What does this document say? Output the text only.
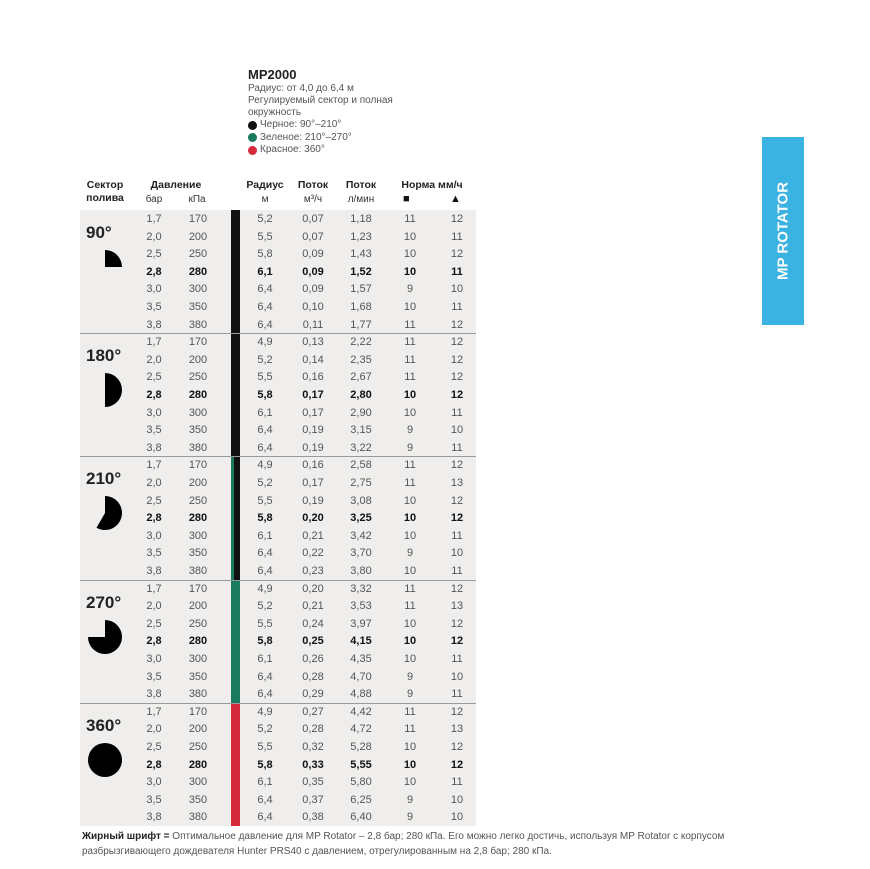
MP2000
Радиус: от 4,0 до 6,4 м
Регулируемый сектор и полная
окружность
Черное: 90°–210°
Зеленое: 210°–270°
Красное: 360°
Сектор
полива
Давление
бар	кПа
Радиус
м
Поток
м³/ч
Поток
л/мин
Норма мм/ч
■	▲
90°
1,7	170	5,2	0,07	1,18	11	12
2,0	200	5,5	0,07	1,23	10	11
2,5	250	5,8	0,09	1,43	10	12
2,8	280	6,1	0,09	1,52	10	11
3,0	300	6,4	0,09	1,57	9	10
3,5	350	6,4	0,10	1,68	10	11
3,8	380	6,4	0,11	1,77	11	12
180°
1,7	170	4,9	0,13	2,22	11	12
2,0	200	5,2	0,14	2,35	11	12
2,5	250	5,5	0,16	2,67	11	12
2,8	280	5,8	0,17	2,80	10	12
3,0	300	6,1	0,17	2,90	10	11
3,5	350	6,4	0,19	3,15	9	10
3,8	380	6,4	0,19	3,22	9	11
210°
1,7	170	4,9	0,16	2,58	11	12
2,0	200	5,2	0,17	2,75	11	13
2,5	250	5,5	0,19	3,08	10	12
2,8	280	5,8	0,20	3,25	10	12
3,0	300	6,1	0,21	3,42	10	11
3,5	350	6,4	0,22	3,70	9	10
3,8	380	6,4	0,23	3,80	10	11
270°
1,7	170	4,9	0,20	3,32	11	12
2,0	200	5,2	0,21	3,53	11	13
2,5	250	5,5	0,24	3,97	10	12
2,8	280	5,8	0,25	4,15	10	12
3,0	300	6,1	0,26	4,35	10	11
3,5	350	6,4	0,28	4,70	9	10
3,8	380	6,4	0,29	4,88	9	11
360°
1,7	170	4,9	0,27	4,42	11	12
2,0	200	5,2	0,28	4,72	11	13
2,5	250	5,5	0,32	5,28	10	12
2,8	280	5,8	0,33	5,55	10	12
3,0	300	6,1	0,35	5,80	10	11
3,5	350	6,4	0,37	6,25	9	10
3,8	380	6,4	0,38	6,40	9	10
Жирный шрифт = Оптимальное давление для MP Rotator – 2,8 бар; 280 кПа. Его можно легко достичь, используя MP Rotator с корпусом разбрызгивающего дождевателя Hunter PRS40 с давлением, отрегулированным на 2,8 бар; 280 кПа.
MP ROTATOR
